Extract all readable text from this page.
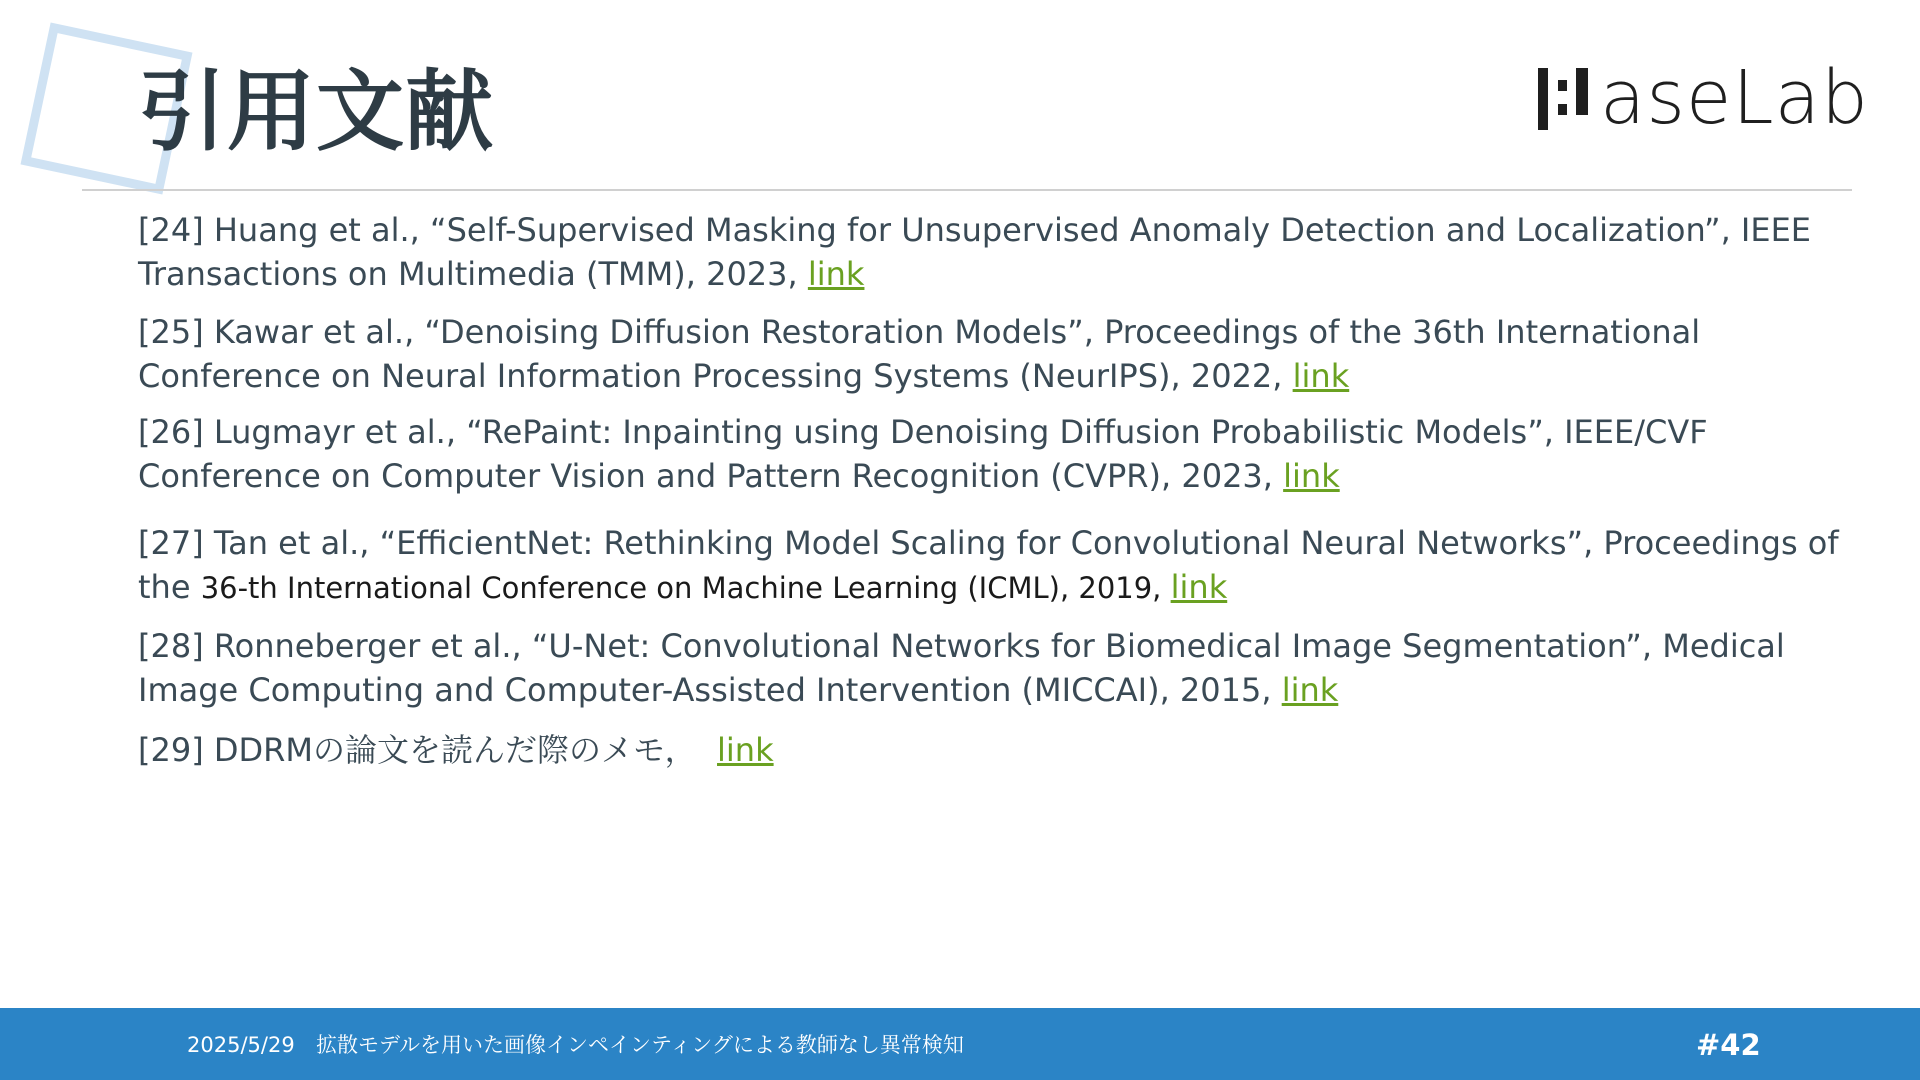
引用文献	aseLab

[24] Huang et al., “Self-Supervised Masking for Unsupervised Anomaly Detection and Localization”, IEEE Transactions on Multimedia (TMM), 2023, link

[25] Kawar et al., “Denoising Diffusion Restoration Models”, Proceedings of the 36th International Conference on Neural Information Processing Systems (NeurIPS), 2022, link

[26] Lugmayr et al., “RePaint: Inpainting using Denoising Diffusion Probabilistic Models”, IEEE/CVF Conference on Computer Vision and Pattern Recognition (CVPR), 2023, link

[27] Tan et al., “EfficientNet: Rethinking Model Scaling for Convolutional Neural Networks”, Proceedings of the 36-th International Conference on Machine Learning (ICML), 2019, link

[28] Ronneberger et al., “U-Net: Convolutional Networks for Biomedical Image Segmentation”, Medical Image Computing and Computer-Assisted Intervention (MICCAI), 2015, link

[29] DDRMの論文を読んだ際のメモ， link

2025/5/29 拡散モデルを用いた画像インペインティングによる教師なし異常検知	#42
